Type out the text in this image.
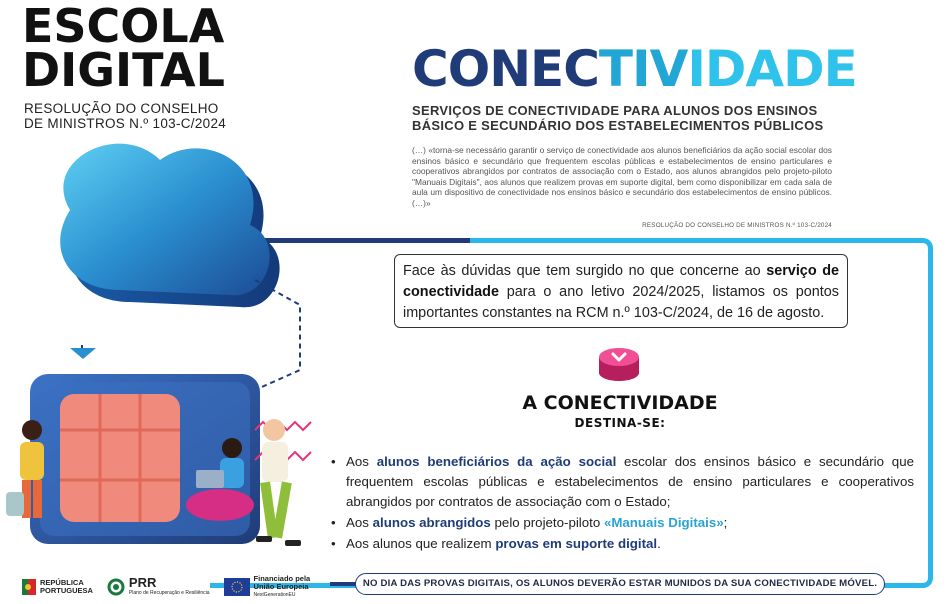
ESCOLA
DIGITAL
RESOLUÇÃO DO CONSELHO
DE MINISTROS N.º 103-C/2024
CONECTIVIDADE
SERVIÇOS DE CONECTIVIDADE PARA ALUNOS DOS ENSINOS BÁSICO E SECUNDÁRIO DOS ESTABELECIMENTOS PÚBLICOS
(…) «torna-se necessário garantir o serviço de conectividade aos alunos beneficiários da ação social escolar dos ensinos básico e secundário que frequentem escolas públicas e estabelecimentos de ensino particulares e cooperativos abrangidos por contratos de associação com o Estado, aos alunos abrangidos pelo projeto-piloto "Manuais Digitais", aos alunos que realizem provas em suporte digital, bem como disponibilizar em cada sala de aula um dispositivo de conectividade nos ensinos básico e secundário dos estabelecimentos de ensino públicos. (…)»
RESOLUÇÃO DO CONSELHO DE MINISTROS N.º 103-C/2024
Face às dúvidas que tem surgido no que concerne ao serviço de conectividade para o ano letivo 2024/2025, listamos os pontos importantes constantes na RCM n.º 103-C/2024, de 16 de agosto.
A CONECTIVIDADE
DESTINA-SE:
• Aos alunos beneficiários da ação social escolar dos ensinos básico e secundário que frequentem escolas públicas e estabelecimentos de ensino particulares e cooperativos abrangidos por contratos de associação com o Estado;
• Aos alunos abrangidos pelo projeto-piloto «Manuais Digitais»;
• Aos alunos que realizem provas em suporte digital.
NO DIA DAS PROVAS DIGITAIS, OS ALUNOS DEVERÃO ESTAR MUNIDOS DA SUA CONECTIVIDADE MÓVEL.
REPÚBLICA
PORTUGUESA
PRR
Plano de Recuperação e Resiliência
Financiado pela
União Europeia
NextGenerationEU
